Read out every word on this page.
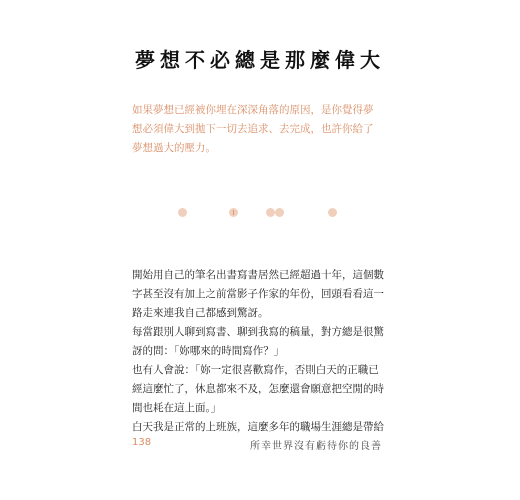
夢想不必總是那麼偉大

如果夢想已經被你埋在深深角落的原因，是你覺得夢
想必須偉大到拋下一切去追求、去完成，也許你給了
夢想過大的壓力。

開始用自己的筆名出書寫書居然已經超過十年，這個數
字甚至沒有加上之前當影子作家的年份，回頭看看這一
路走來連我自己都感到驚訝。
每當跟別人聊到寫書、聊到我寫的稿量，對方總是很驚
訝的問：「妳哪來的時間寫作？」
也有人會說：「妳一定很喜歡寫作，否則白天的正職已
經這麼忙了，休息都來不及，怎麼還會願意把空閒的時
間也耗在這上面。」
白天我是正常的上班族，這麼多年的職場生涯總是帶給

138	所幸世界沒有虧待你的良善
